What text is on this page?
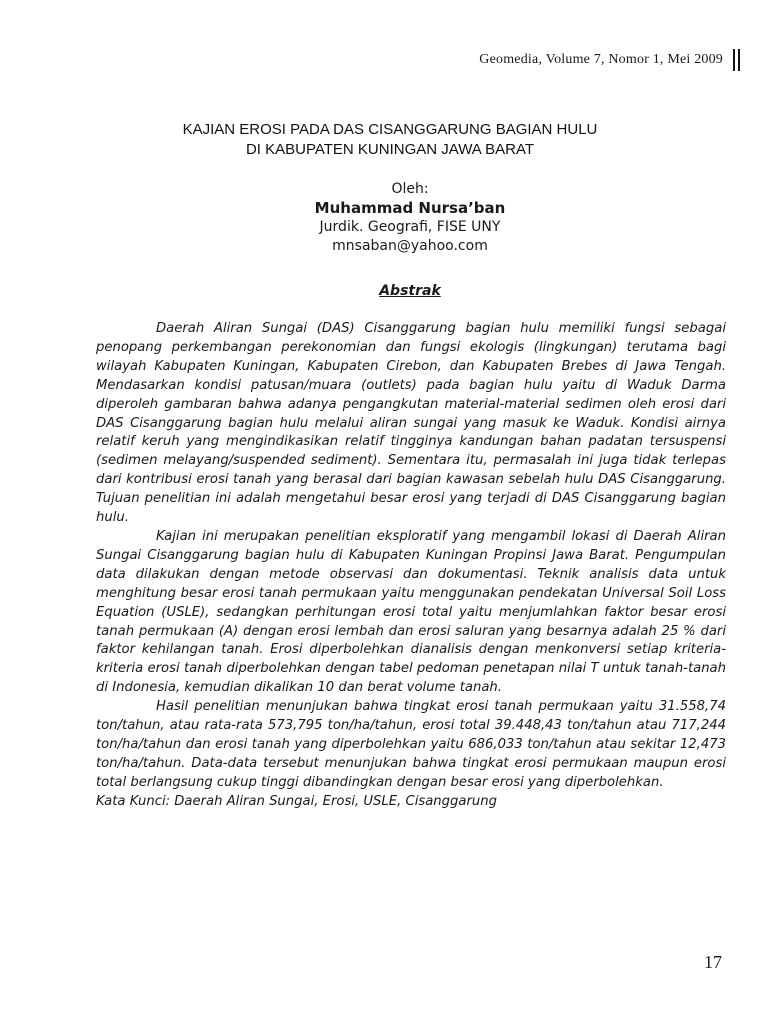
Geomedia, Volume 7, Nomor 1, Mei 2009
KAJIAN EROSI PADA DAS CISANGGARUNG BAGIAN HULU
DI KABUPATEN KUNINGAN JAWA BARAT
Oleh:
Muhammad Nursa’ban
Jurdik. Geografi, FISE UNY
mnsaban@yahoo.com
Abstrak

Daerah Aliran Sungai (DAS) Cisanggarung bagian hulu memiliki fungsi sebagai penopang perkembangan perekonomian dan fungsi ekologis (lingkungan) terutama bagi wilayah Kabupaten Kuningan, Kabupaten Cirebon, dan Kabupaten Brebes di Jawa Tengah. Mendasarkan kondisi patusan/muara (outlets) pada bagian hulu yaitu di Waduk Darma diperoleh gambaran bahwa adanya pengangkutan material-material sedimen oleh erosi dari DAS Cisanggarung bagian hulu melalui aliran sungai yang masuk ke Waduk. Kondisi airnya relatif keruh yang mengindikasikan relatif tingginya kandungan bahan padatan tersuspensi (sedimen melayang/suspended sediment). Sementara itu, permasalah ini juga tidak terlepas dari kontribusi erosi tanah yang berasal dari bagian kawasan sebelah hulu DAS Cisanggarung. Tujuan penelitian ini adalah mengetahui besar erosi yang terjadi di DAS Cisanggarung bagian hulu.

Kajian ini merupakan penelitian eksploratif yang mengambil lokasi di Daerah Aliran Sungai Cisanggarung bagian hulu di Kabupaten Kuningan Propinsi Jawa Barat. Pengumpulan data dilakukan dengan metode observasi dan dokumentasi. Teknik analisis data untuk menghitung besar erosi tanah permukaan yaitu menggunakan pendekatan Universal Soil Loss Equation (USLE), sedangkan perhitungan erosi total yaitu menjumlahkan faktor besar erosi tanah permukaan (A) dengan erosi lembah dan erosi saluran yang besarnya adalah 25 % dari faktor kehilangan tanah. Erosi diperbolehkan dianalisis dengan menkonversi setiap kriteria-kriteria erosi tanah diperbolehkan dengan tabel pedoman penetapan nilai T untuk tanah-tanah di Indonesia, kemudian dikalikan 10 dan berat volume tanah.

Hasil penelitian menunjukan bahwa tingkat erosi tanah permukaan yaitu 31.558,74 ton/tahun, atau rata-rata 573,795 ton/ha/tahun, erosi total 39.448,43 ton/tahun atau 717,244 ton/ha/tahun dan erosi tanah yang diperbolehkan yaitu 686,033 ton/tahun atau sekitar 12,473 ton/ha/tahun. Data-data tersebut menunjukan bahwa tingkat erosi permukaan maupun erosi total berlangsung cukup tinggi dibandingkan dengan besar erosi yang diperbolehkan.

Kata Kunci: Daerah Aliran Sungai, Erosi, USLE, Cisanggarung

17
